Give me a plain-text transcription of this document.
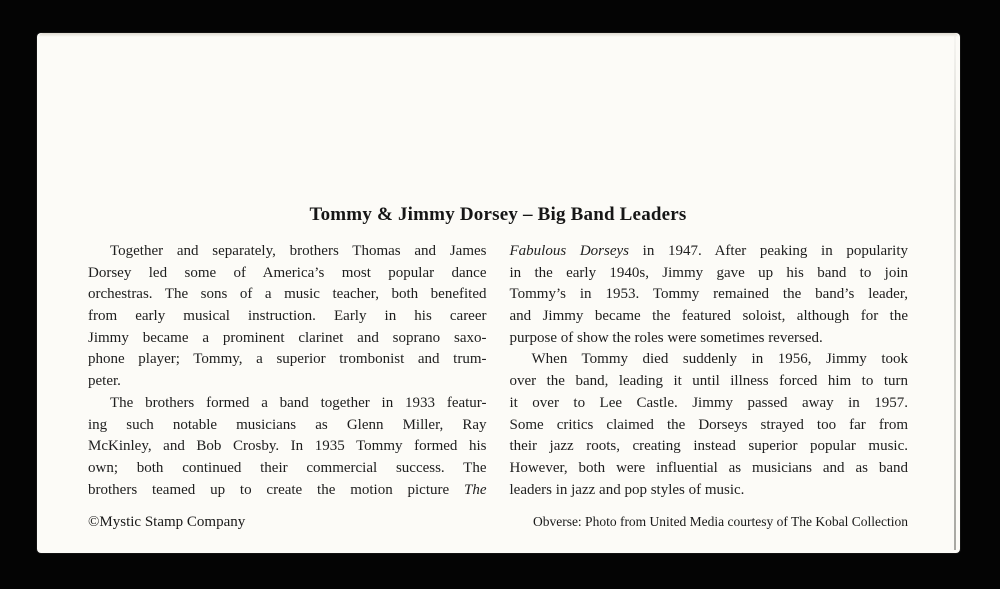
Tommy & Jimmy Dorsey – Big Band Leaders
Together and separately, brothers Thomas and James
Dorsey led some of America’s most popular dance
orchestras. The sons of a music teacher, both benefited
from early musical instruction. Early in his career
Jimmy became a prominent clarinet and soprano saxo-
phone player; Tommy, a superior trombonist and trum-
peter.
The brothers formed a band together in 1933 featur-
ing such notable musicians as Glenn Miller, Ray
McKinley, and Bob Crosby. In 1935 Tommy formed his
own; both continued their commercial success. The
brothers teamed up to create the motion picture The
Fabulous Dorseys in 1947. After peaking in popularity
in the early 1940s, Jimmy gave up his band to join
Tommy’s in 1953. Tommy remained the band’s leader,
and Jimmy became the featured soloist, although for the
purpose of show the roles were sometimes reversed.
When Tommy died suddenly in 1956, Jimmy took
over the band, leading it until illness forced him to turn
it over to Lee Castle. Jimmy passed away in 1957.
Some critics claimed the Dorseys strayed too far from
their jazz roots, creating instead superior popular music.
However, both were influential as musicians and as band
leaders in jazz and pop styles of music.
©Mystic Stamp Company	Obverse: Photo from United Media courtesy of The Kobal Collection
